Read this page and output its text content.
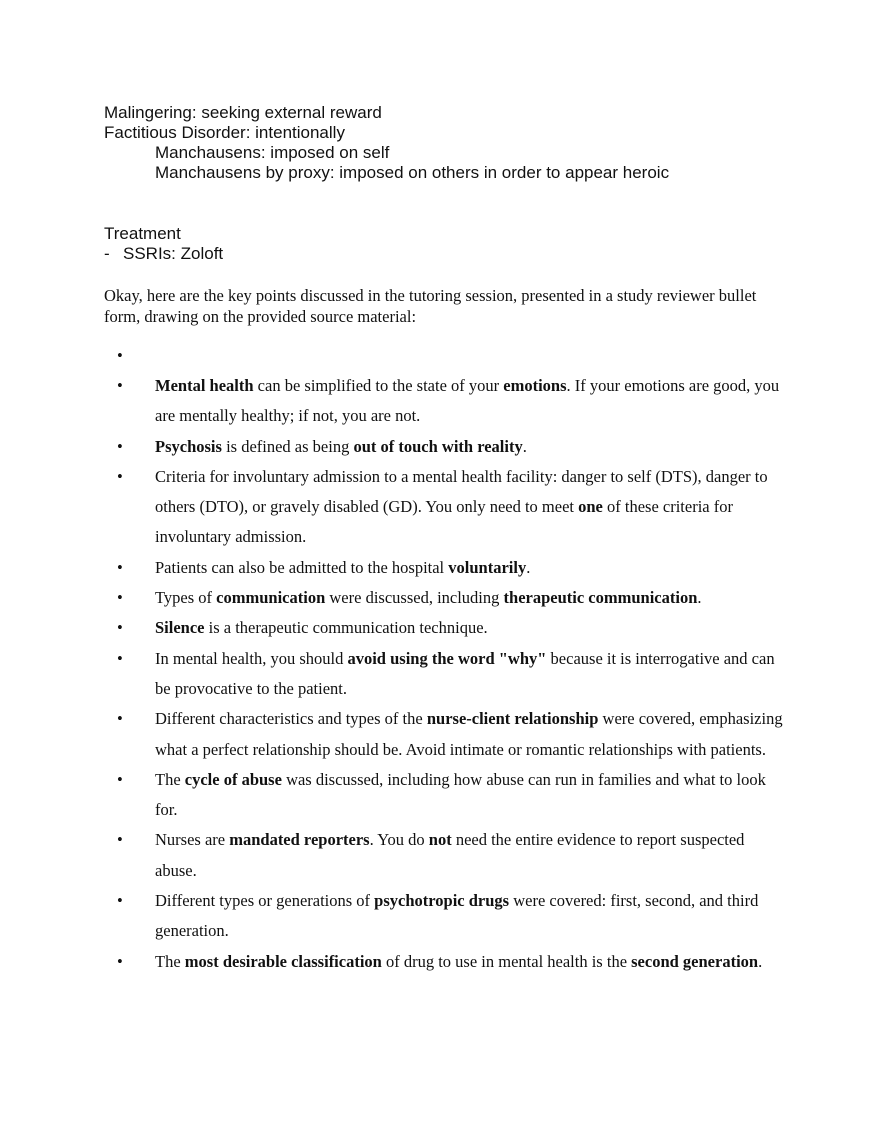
Malingering: seeking external reward
Factitious Disorder: intentionally
Manchausens: imposed on self
Manchausens by proxy: imposed on others in order to appear heroic
Treatment
- SSRIs: Zoloft

Okay, here are the key points discussed in the tutoring session, presented in a study reviewer bullet form, drawing on the provided source material:

•
• Mental health can be simplified to the state of your emotions. If your emotions are good, you are mentally healthy; if not, you are not.
• Psychosis is defined as being out of touch with reality.
• Criteria for involuntary admission to a mental health facility: danger to self (DTS), danger to others (DTO), or gravely disabled (GD). You only need to meet one of these criteria for involuntary admission.
• Patients can also be admitted to the hospital voluntarily.
• Types of communication were discussed, including therapeutic communication.
• Silence is a therapeutic communication technique.
• In mental health, you should avoid using the word "why" because it is interrogative and can be provocative to the patient.
• Different characteristics and types of the nurse-client relationship were covered, emphasizing what a perfect relationship should be. Avoid intimate or romantic relationships with patients.
• The cycle of abuse was discussed, including how abuse can run in families and what to look for.
• Nurses are mandated reporters. You do not need the entire evidence to report suspected abuse.
• Different types or generations of psychotropic drugs were covered: first, second, and third generation.
• The most desirable classification of drug to use in mental health is the second generation.
